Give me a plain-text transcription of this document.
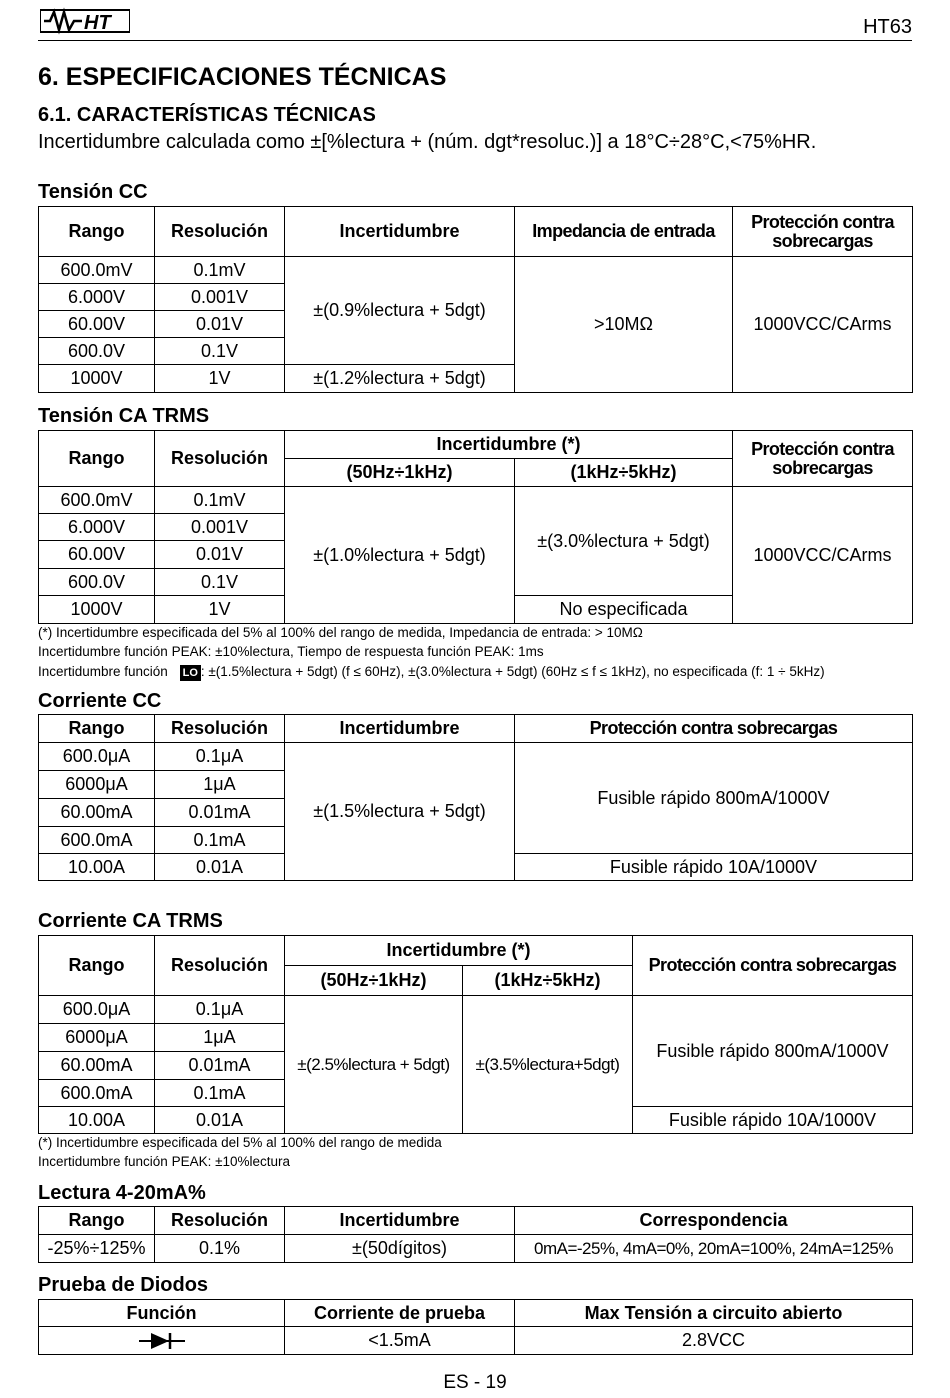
HT	HT63
6. ESPECIFICACIONES TÉCNICAS
6.1. CARACTERÍSTICAS TÉCNICAS
Incertidumbre calculada como ±[%lectura + (núm. dgt*resoluc.)] a 18°C÷28°C,<75%HR.
Tensión CC
Rango	Resolución	Incertidumbre	Impedancia de entrada	Protección contra sobrecargas
600.0mV	0.1mV	±(0.9%lectura + 5dgt)	>10MΩ	1000VCC/CArms
6.000V	0.001V			
60.00V	0.01V			
600.0V	0.1V			
1000V	1V	±(1.2%lectura + 5dgt)		
Tensión CA TRMS
Rango	Resolución	Incertidumbre (*)		Protección contra sobrecargas
		(50Hz÷1kHz)	(1kHz÷5kHz)	
600.0mV	0.1mV	±(1.0%lectura + 5dgt)	±(3.0%lectura + 5dgt)	1000VCC/CArms
6.000V	0.001V			
60.00V	0.01V			
600.0V	0.1V			
1000V	1V		No especificada	
(*) Incertidumbre especificada del 5% al 100% del rango de medida, Impedancia de entrada: > 10MΩ
Incertidumbre función PEAK: ±10%lectura, Tiempo de respuesta función PEAK: 1ms
Incertidumbre función LO : ±(1.5%lectura + 5dgt) (f ≤ 60Hz), ±(3.0%lectura + 5dgt) (60Hz ≤ f ≤ 1kHz), no especificada (f: 1 ÷ 5kHz)
Corriente CC
Rango	Resolución	Incertidumbre	Protección contra sobrecargas
600.0μA	0.1μA	±(1.5%lectura + 5dgt)	Fusible rápido 800mA/1000V
6000μA	1μA		
60.00mA	0.01mA		
600.0mA	0.1mA		
10.00A	0.01A		Fusible rápido 10A/1000V
Corriente CA TRMS
Rango	Resolución	Incertidumbre (*)		Protección contra sobrecargas
		(50Hz÷1kHz)	(1kHz÷5kHz)	
600.0μA	0.1μA	±(2.5%lectura + 5dgt)	±(3.5%lectura+5dgt)	Fusible rápido 800mA/1000V
6000μA	1μA			
60.00mA	0.01mA			
600.0mA	0.1mA			
10.00A	0.01A			Fusible rápido 10A/1000V
(*) Incertidumbre especificada del 5% al 100% del rango de medida
Incertidumbre función PEAK: ±10%lectura
Lectura 4-20mA%
Rango	Resolución	Incertidumbre	Correspondencia
-25%÷125%	0.1%	±(50dígitos)	0mA=-25%, 4mA=0%, 20mA=100%, 24mA=125%
Prueba de Diodos
Función	Corriente de prueba	Max Tensión a circuito abierto
	<1.5mA	2.8VCC
ES - 19
